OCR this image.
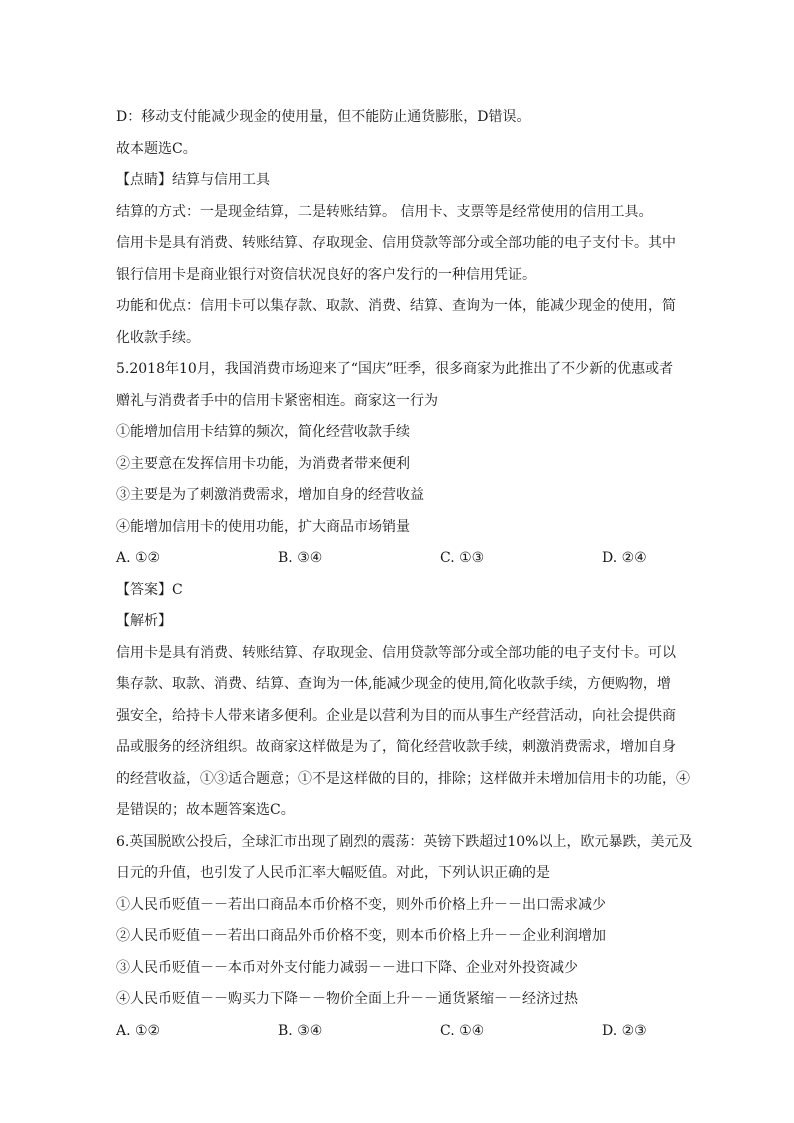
D：移动支付能减少现金的使用量，但不能防止通货膨胀，D错误。

故本题选C。

【点睛】结算与信用工具

结算的方式：一是现金结算，二是转账结算。 信用卡、支票等是经常使用的信用工具。

信用卡是具有消费、转账结算、存取现金、信用贷款等部分或全部功能的电子支付卡。其中

银行信用卡是商业银行对资信状况良好的客户发行的一种信用凭证。

功能和优点：信用卡可以集存款、取款、消费、结算、查询为一体，能减少现金的使用，简

化收款手续。

5.2018年10月，我国消费市场迎来了“国庆”旺季，很多商家为此推出了不少新的优惠或者

赠礼与消费者手中的信用卡紧密相连。商家这一行为

①能增加信用卡结算的频次，简化经营收款手续

②主要意在发挥信用卡功能，为消费者带来便利

③主要是为了刺激消费需求，增加自身的经营收益

④能增加信用卡的使用功能，扩大商品市场销量

A. ①②	B. ③④	C. ①③	D. ②④

【答案】C

【解析】

信用卡是具有消费、转账结算、存取现金、信用贷款等部分或全部功能的电子支付卡。可以

集存款、取款、消费、结算、查询为一体,能减少现金的使用,简化收款手续，方便购物，增

强安全，给持卡人带来诸多便利。企业是以营利为目的而从事生产经营活动，向社会提供商

品或服务的经济组织。故商家这样做是为了，简化经营收款手续，刺激消费需求，增加自身

的经营收益，①③适合题意；①不是这样做的目的，排除；这样做并未增加信用卡的功能，④

是错误的；故本题答案选C。

6.英国脱欧公投后，全球汇市出现了剧烈的震荡：英镑下跌超过10%以上，欧元暴跌，美元及

日元的升值，也引发了人民币汇率大幅贬值。对此，下列认识正确的是

①人民币贬值－－若出口商品本币价格不变，则外币价格上升－－出口需求减少

②人民币贬值－－若出口商品外币价格不变，则本币价格上升－－企业利润增加

③人民币贬值－－本币对外支付能力减弱－－进口下降、企业对外投资减少

④人民币贬值－－购买力下降－－物价全面上升－－通货紧缩－－经济过热

A. ①②	B. ③④	C. ①④	D. ②③
